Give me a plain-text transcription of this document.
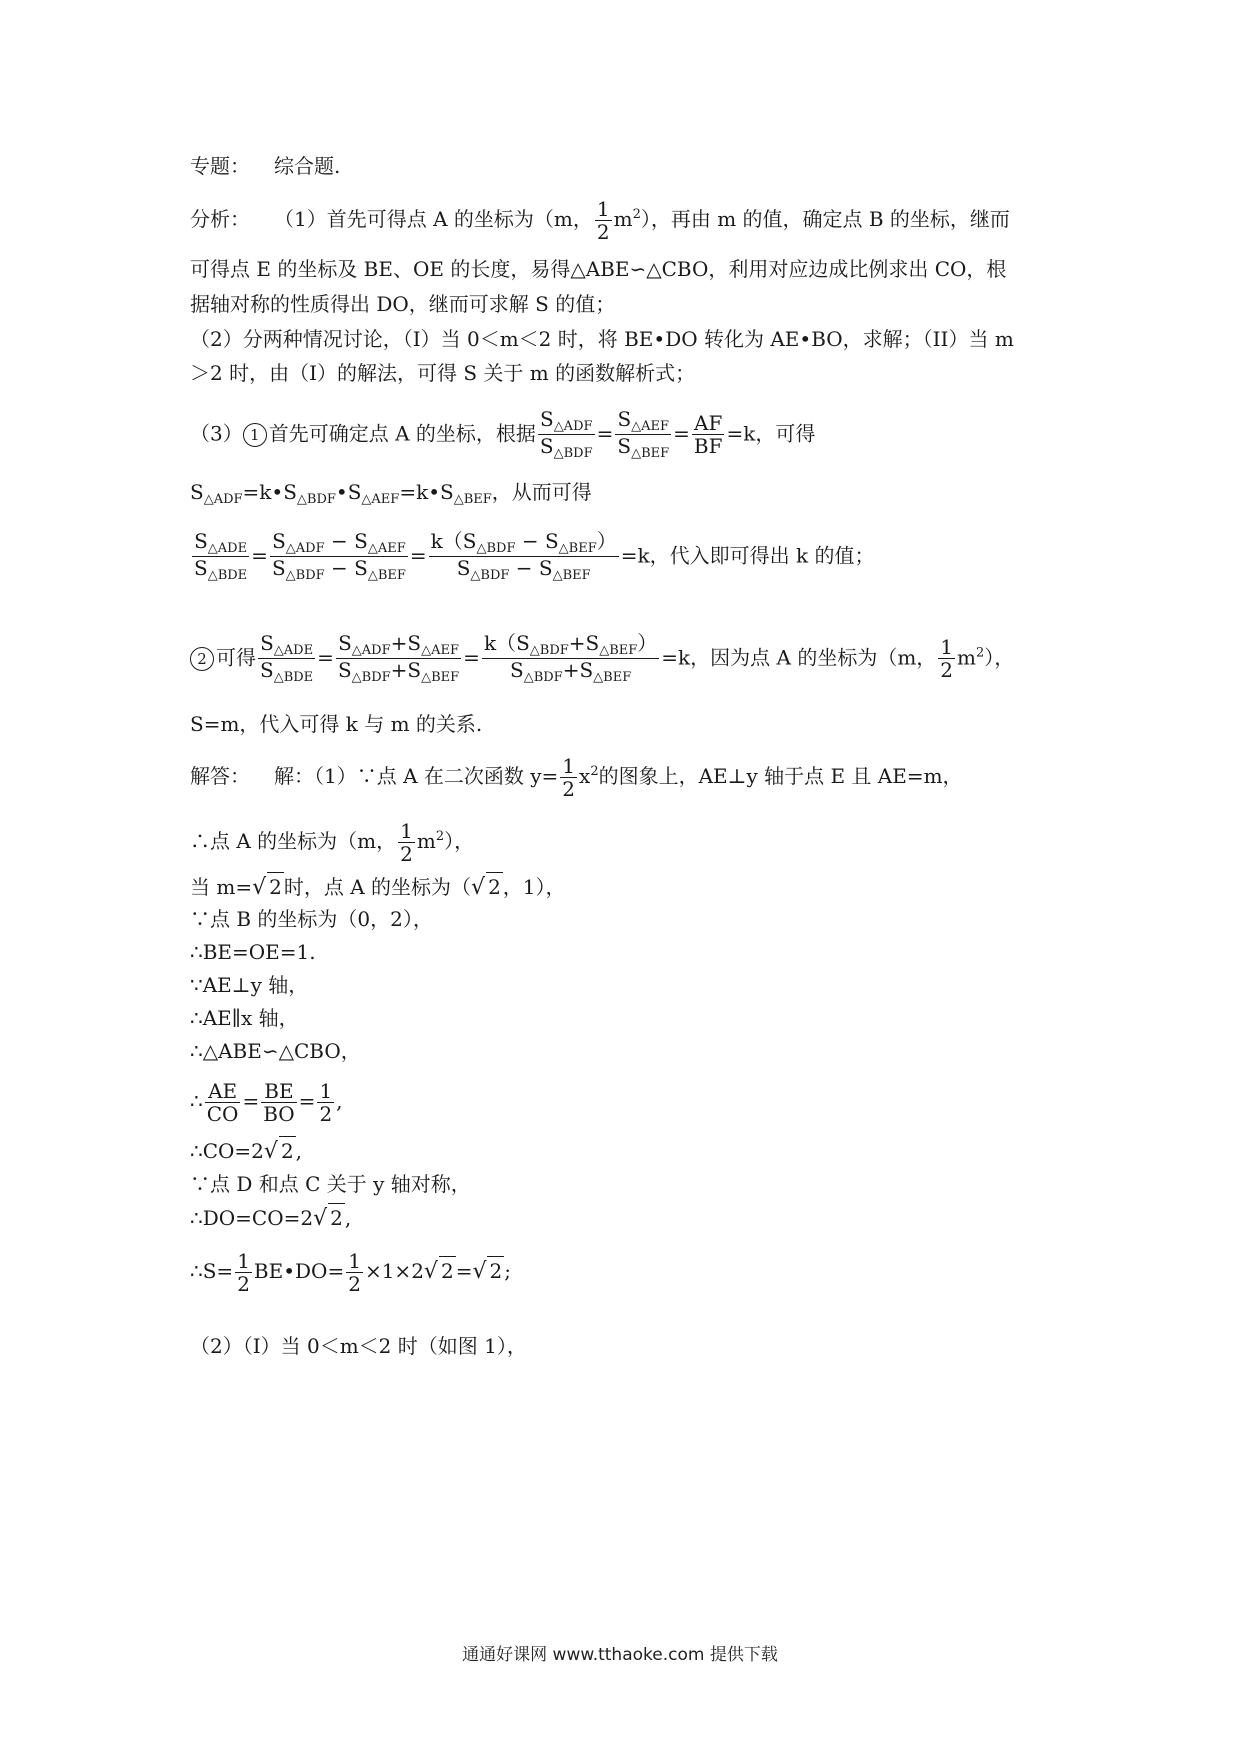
专题： 综合题.
分析： （1）首先可得点 A 的坐标为（m， $\frac{1}{2} m^2$），再由 m 的值，确定点 B 的坐标，继而
可得点 E 的坐标及 BE、OE 的长度，易得△ABE∽△CBO，利用对应边成比例求出 CO，根
据轴对称的性质得出 DO，继而可求解 S 的值；
（2）分两种情况讨论，（I）当 0＜m＜2 时，将 BE•DO 转化为 AE•BO，求解；（II）当 m
＞2 时，由（I）的解法，可得 S 关于 m 的函数解析式；
（3） 1 首先可确定点 A 的坐标，根据 $\frac{S_{\triangle ADF}}{S_{\triangle BDF}} = \frac{S_{\triangle AEF}}{S_{\triangle BEF}} = \frac{AF}{BF} =k$，可得
$S_{\triangle ADF}=k•S_{\triangle BDF}•S_{\triangle AEF}=k•S_{\triangle BEF}$，从而可得
$\frac{S_{\triangle ADE}}{S_{\triangle BDE}} = \frac{S_{\triangle ADF} - S_{\triangle AEF}}{S_{\triangle BDF} - S_{\triangle BEF}} = \frac{k(S_{\triangle BDF} - S_{\triangle BEF})}{S_{\triangle BDF} - S_{\triangle BEF}} =k$，代入即可得出 k 的值；
2 可得 $\frac{S_{\triangle ADE}}{S_{\triangle BDE}} = \frac{S_{\triangle ADF}+S_{\triangle AEF}}{S_{\triangle BDF}+S_{\triangle BEF}} = \frac{k(S_{\triangle BDF}+S_{\triangle BEF})}{S_{\triangle BDF}+S_{\triangle BEF}} =k$，因为点 A 的坐标为（m， $\frac{1}{2} m^2$），
S=m，代入可得 k 与 m 的关系.
解答： 解：（1）∵点 A 在二次函数 $y= \frac{1}{2} x^2$的图象上，AE⊥y 轴于点 E 且 AE=m，
∴点 A 的坐标为（m， $\frac{1}{2} m^2$），
当 m=√ 2 时，点 A 的坐标为（√ 2 ，1），
∵点 B 的坐标为（0，2），
∴BE=OE=1.
∵AE⊥y 轴，
∴AE∥x 轴，
∴△ABE∽△CBO，
∴ $\frac{AE}{CO} = \frac{BE}{BO} = \frac{1}{2}$ ,
∴CO=2√ 2 ,
∵点 D 和点 C 关于 y 轴对称，
∴DO=CO=2√ 2 ,
∴S= $\frac{1}{2}$ BE•DO= $\frac{1}{2} \times 1\times 2√$ 2 =√ 2 ;
（2）（I）当 0＜m＜2 时（如图 1），
通通好课网 www.tthaoke.com 提供下载
